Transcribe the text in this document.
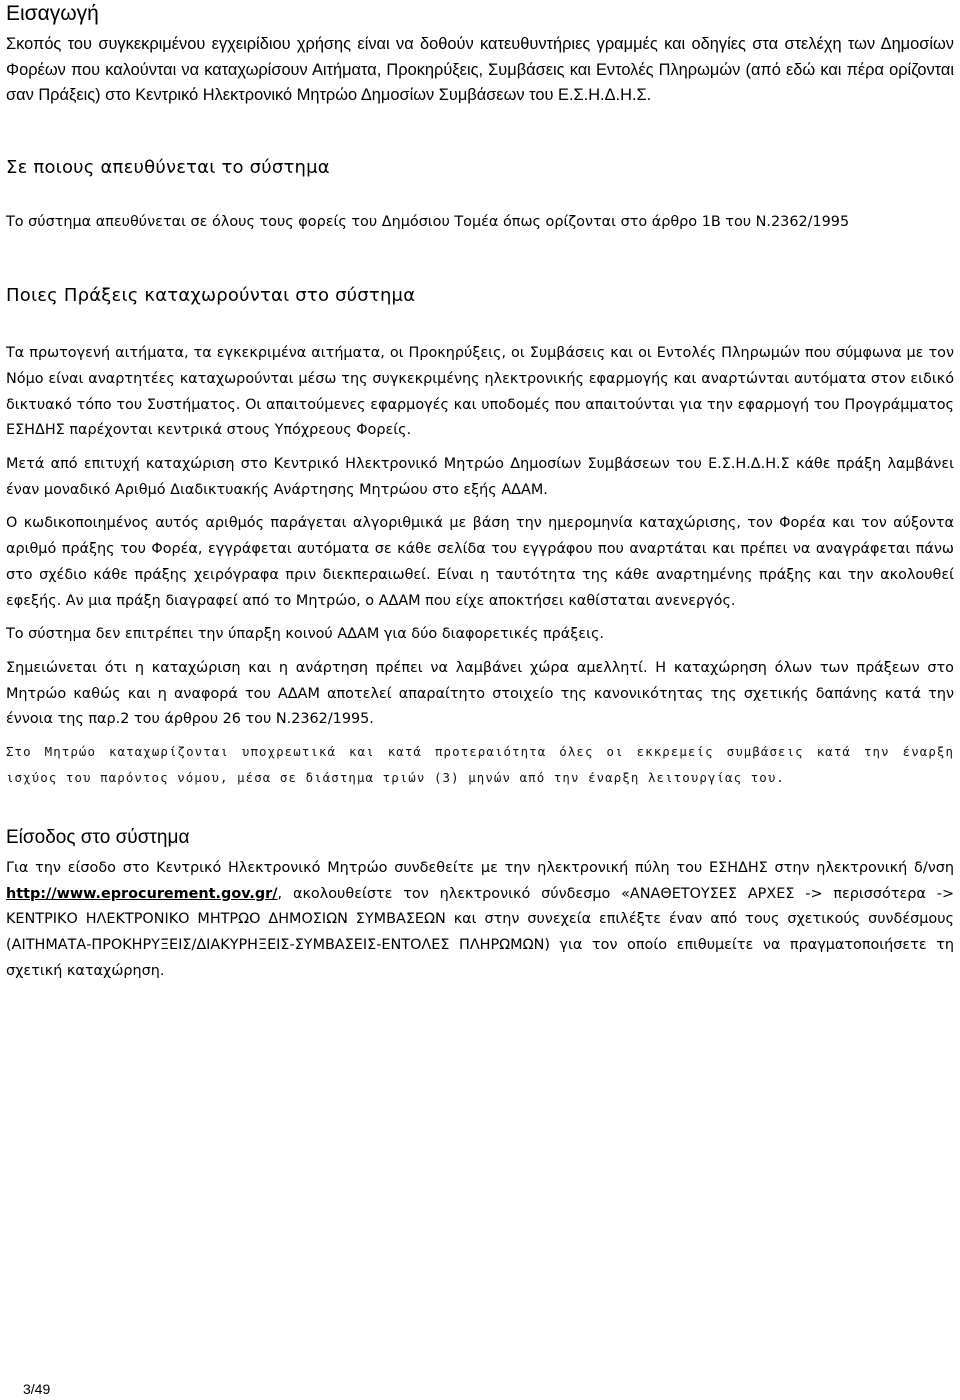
Εισαγωγή

Σκοπός του συγκεκριμένου εγχειρίδιου χρήσης είναι να δοθούν κατευθυντήριες γραμμές και οδηγίες στα στελέχη των Δημοσίων Φορέων που καλούνται να καταχωρίσουν Αιτήματα, Προκηρύξεις, Συμβάσεις και Εντολές Πληρωμών (από εδώ και πέρα ορίζονται σαν Πράξεις) στο Κεντρικό Ηλεκτρονικό Μητρώο Δημοσίων Συμβάσεων του Ε.Σ.Η.Δ.Η.Σ.

Σε ποιους απευθύνεται το σύστημα

Το σύστημα απευθύνεται σε όλους τους φορείς του Δημόσιου Τομέα όπως ορίζονται στο άρθρο 1Β του Ν.2362/1995

Ποιες Πράξεις καταχωρούνται στο σύστημα

Τα πρωτογενή αιτήματα, τα εγκεκριμένα αιτήματα, οι Προκηρύξεις, οι Συμβάσεις και οι Εντολές Πληρωμών που σύμφωνα με τον Νόμο είναι αναρτητέες καταχωρούνται μέσω της συγκεκριμένης ηλεκτρονικής εφαρμογής και αναρτώνται αυτόματα στον ειδικό δικτυακό τόπο του Συστήματος. Οι απαιτούμενες εφαρμογές και υποδομές που απαιτούνται για την εφαρμογή του Προγράμματος ΕΣΗΔΗΣ παρέχονται κεντρικά στους Υπόχρεους Φορείς.

Μετά από επιτυχή καταχώριση στο Κεντρικό Ηλεκτρονικό Μητρώο Δημοσίων Συμβάσεων του Ε.Σ.Η.Δ.Η.Σ κάθε πράξη λαμβάνει έναν μοναδικό Αριθμό Διαδικτυακής Ανάρτησης Μητρώου στο εξής ΑΔΑΜ.

Ο κωδικοποιημένος αυτός αριθμός παράγεται αλγοριθμικά με βάση την ημερομηνία καταχώρισης, τον Φορέα και τον αύξοντα αριθμό πράξης του Φορέα, εγγράφεται αυτόματα σε κάθε σελίδα του εγγράφου που αναρτάται και πρέπει να αναγράφεται πάνω στο σχέδιο κάθε πράξης χειρόγραφα πριν διεκπεραιωθεί. Είναι η ταυτότητα της κάθε αναρτημένης πράξης και την ακολουθεί εφεξής. Αν μια πράξη διαγραφεί από το Μητρώο, ο ΑΔΑΜ που είχε αποκτήσει καθίσταται ανενεργός.

Το σύστημα δεν επιτρέπει την ύπαρξη κοινού ΑΔΑΜ για δύο διαφορετικές πράξεις.

Σημειώνεται ότι η καταχώριση και η ανάρτηση πρέπει να λαμβάνει χώρα αμελλητί. Η καταχώρηση όλων των πράξεων στο Μητρώο καθώς και η αναφορά του ΑΔΑΜ αποτελεί απαραίτητο στοιχείο της κανονικότητας της σχετικής δαπάνης κατά την έννοια της παρ.2 του άρθρου 26 του Ν.2362/1995.

Στο Μητρώο καταχωρίζονται υποχρεωτικά και κατά προτεραιότητα όλες οι εκκρεμείς συμβάσεις κατά την έναρξη ισχύος του παρόντος νόμου, μέσα σε διάστημα τριών (3) μηνών από την έναρξη λειτουργίας του.

Είσοδος στο σύστημα

Για την είσοδο στο Κεντρικό Ηλεκτρονικό Μητρώο συνδεθείτε με την ηλεκτρονική πύλη του ΕΣΗΔΗΣ στην ηλεκτρονική δ/νση http://www.eprocurement.gov.gr/, ακολουθείστε τον ηλεκτρονικό σύνδεσμο «ΑΝΑΘΕΤΟΥΣΕΣ ΑΡΧΕΣ -> περισσότερα -> ΚΕΝΤΡΙΚΟ ΗΛΕΚΤΡΟΝΙΚΟ ΜΗΤΡΩΟ ΔΗΜΟΣΙΩΝ ΣΥΜΒΑΣΕΩΝ και στην συνεχεία επιλέξτε έναν από τους σχετικούς συνδέσμους (ΑΙΤΗΜΑΤΑ-ΠΡΟΚΗΡΥΞΕΙΣ/ΔΙΑΚΥΡΗΞΕΙΣ-ΣΥΜΒΑΣΕΙΣ-ΕΝΤΟΛΕΣ ΠΛΗΡΩΜΩΝ) για τον οποίο επιθυμείτε να πραγματοποιήσετε τη σχετική καταχώρηση.

3/49
